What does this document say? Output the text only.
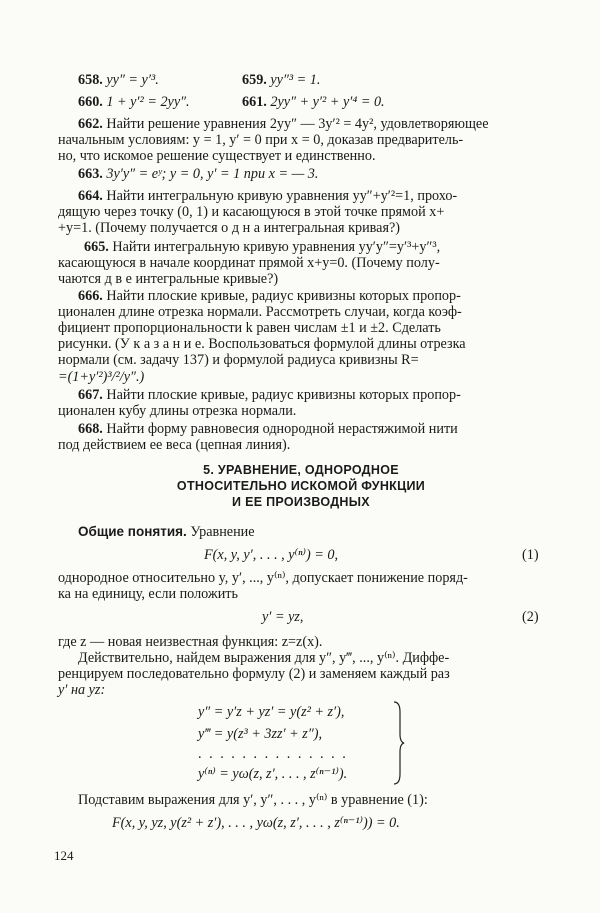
658. yy″ = y′³.	659. yy″³ = 1.
660. 1 + y′² = 2yy″.	661. 2yy″ + y′² + y′⁴ = 0.
662. Найти решение уравнения 2yy″ — 3y′² = 4y², удовлетворяющее
начальным условиям: y = 1, y′ = 0 при x = 0, доказав предваритель-
но, что искомое решение существует и единственно.
663. 3y′y″ = eʸ; y = 0, y′ = 1 при x = — 3.
664. Найти интегральную кривую уравнения yy″+y′²=1, прохо-
дящую через точку (0, 1) и касающуюся в этой точке прямой x+
+y=1. (Почему получается о д н а интегральная кривая?)
665. Найти интегральную кривую уравнения yy′y″=y′³+y″³,
касающуюся в начале координат прямой x+y=0. (Почему полу-
чаются д в е интегральные кривые?)
666. Найти плоские кривые, радиус кривизны которых пропор-
ционален длине отрезка нормали. Рассмотреть случаи, когда коэф-
фициент пропорциональности k равен числам ±1 и ±2. Сделать
рисунки. (У к а з а н и е. Воспользоваться формулой длины отрезка
нормали (см. задачу 137) и формулой радиуса кривизны R=
=(1+y′²)³/²/y″.)
667. Найти плоские кривые, радиус кривизны которых пропор-
ционален кубу длины отрезка нормали.
668. Найти форму равновесия однородной нерастяжимой нити
под действием ее веса (цепная линия).
5. УРАВНЕНИЕ, ОДНОРОДНОЕ
ОТНОСИТЕЛЬНО ИСКОМОЙ ФУНКЦИИ
И ЕЕ ПРОИЗВОДНЫХ
Общие понятия. Уравнение
F(x, y, y′, . . . , y⁽ⁿ⁾) = 0,	(1)
однородное относительно y, y′, ..., y⁽ⁿ⁾, допускает понижение поряд-
ка на единицу, если положить
y′ = yz,	(2)
где z — новая неизвестная функция: z=z(x).
Действительно, найдем выражения для y″, y‴, ..., y⁽ⁿ⁾. Диффе-
ренцируем последовательно формулу (2) и заменяем каждый раз
y′ на yz:
y″ = y′z + yz′ = y(z² + z′),
y‴ = y(z³ + 3zz′ + z″),
. . . . . . . . . . . . . .
y⁽ⁿ⁾ = yω(z, z′, . . . , z⁽ⁿ⁻¹⁾).
Подставим выражения для y′, y″, . . . , y⁽ⁿ⁾ в уравнение (1):
F(x, y, yz, y(z² + z′), . . . , yω(z, z′, . . . , z⁽ⁿ⁻¹⁾)) = 0.
124
